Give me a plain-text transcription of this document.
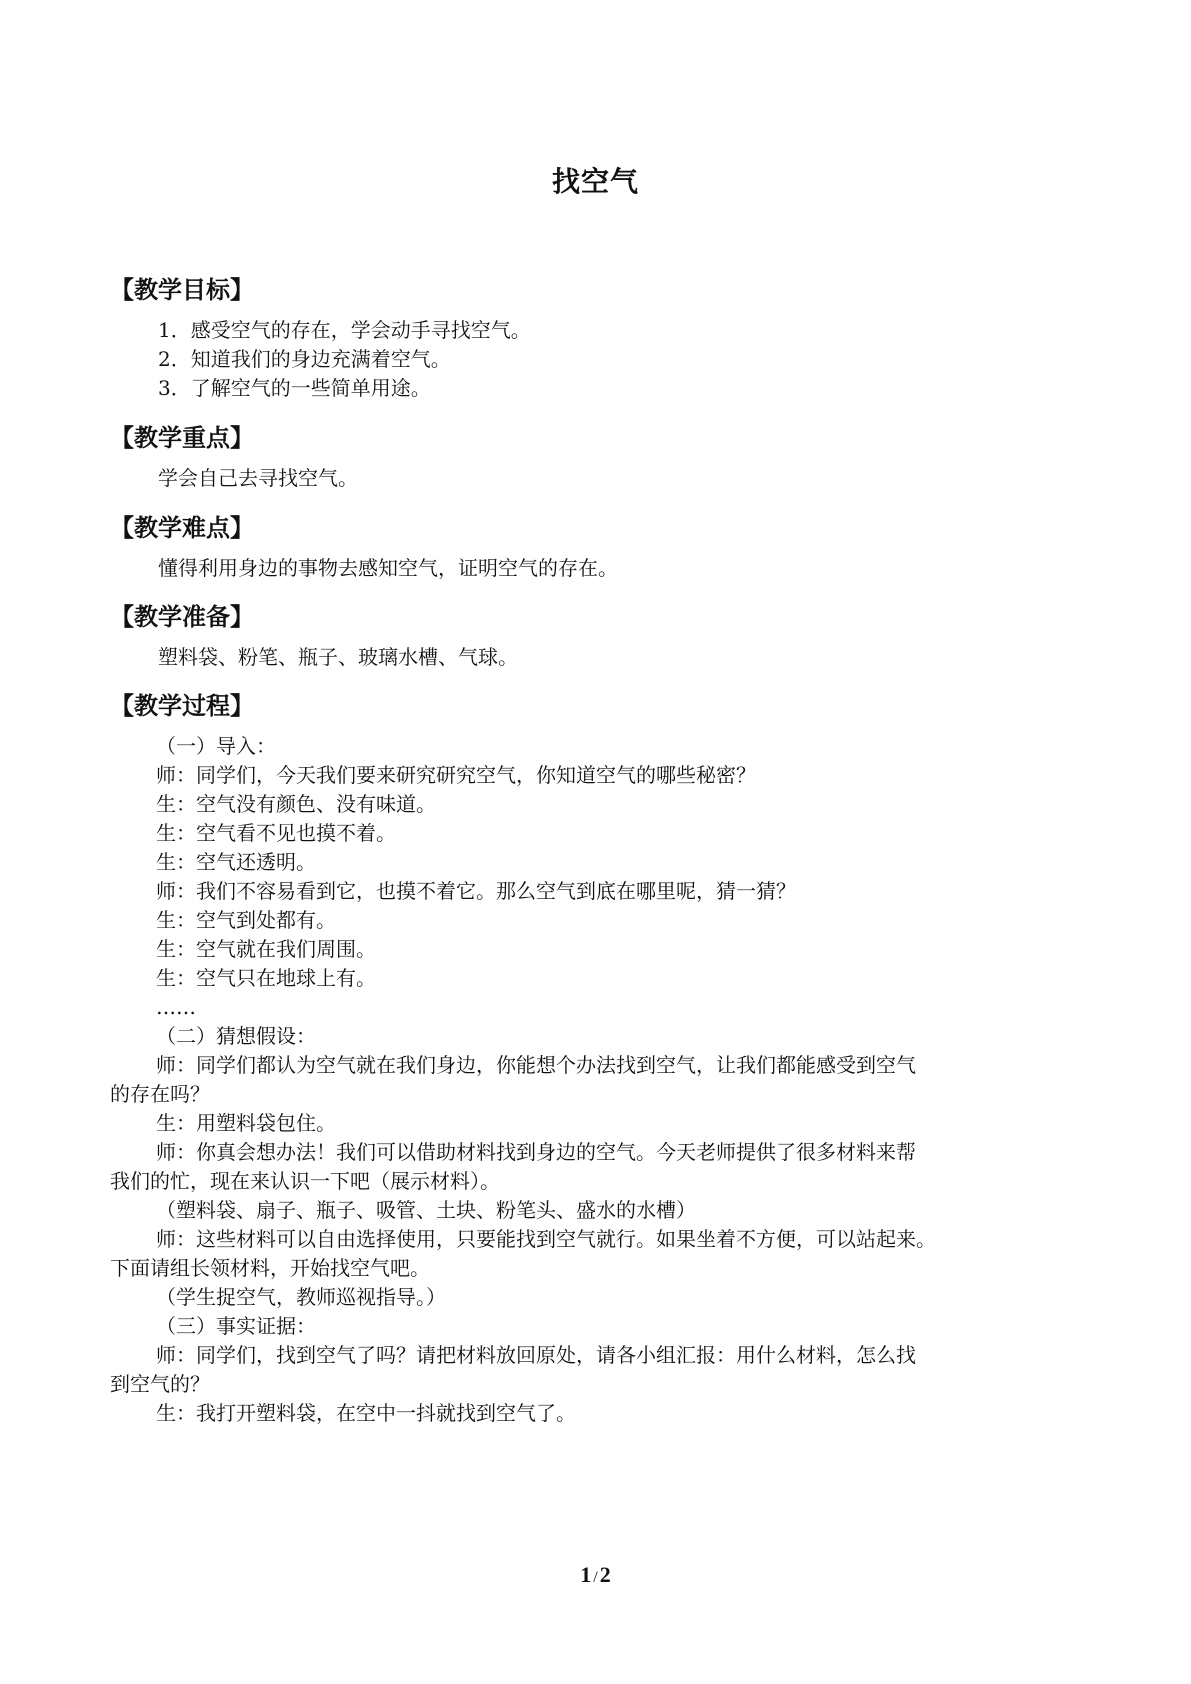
找空气
【教学目标】
1．感受空气的存在，学会动手寻找空气。
2．知道我们的身边充满着空气。
3．了解空气的一些简单用途。
【教学重点】
学会自己去寻找空气。
【教学难点】
懂得利用身边的事物去感知空气，证明空气的存在。
【教学准备】
塑料袋、粉笔、瓶子、玻璃水槽、气球。
【教学过程】
（一）导入：
师：同学们，今天我们要来研究研究空气，你知道空气的哪些秘密？
生：空气没有颜色、没有味道。
生：空气看不见也摸不着。
生：空气还透明。
师：我们不容易看到它，也摸不着它。那么空气到底在哪里呢，猜一猜？
生：空气到处都有。
生：空气就在我们周围。
生：空气只在地球上有。
……
（二）猜想假设：
师：同学们都认为空气就在我们身边，你能想个办法找到空气，让我们都能感受到空气
的存在吗？
生：用塑料袋包住。
师：你真会想办法！我们可以借助材料找到身边的空气。今天老师提供了很多材料来帮
我们的忙，现在来认识一下吧（展示材料）。
（塑料袋、扇子、瓶子、吸管、土块、粉笔头、盛水的水槽）
师：这些材料可以自由选择使用，只要能找到空气就行。如果坐着不方便，可以站起来。
下面请组长领材料，开始找空气吧。
（学生捉空气，教师巡视指导。）
（三）事实证据：
师：同学们，找到空气了吗？请把材料放回原处，请各小组汇报：用什么材料，怎么找
到空气的？
生：我打开塑料袋，在空中一抖就找到空气了。
1 /2
